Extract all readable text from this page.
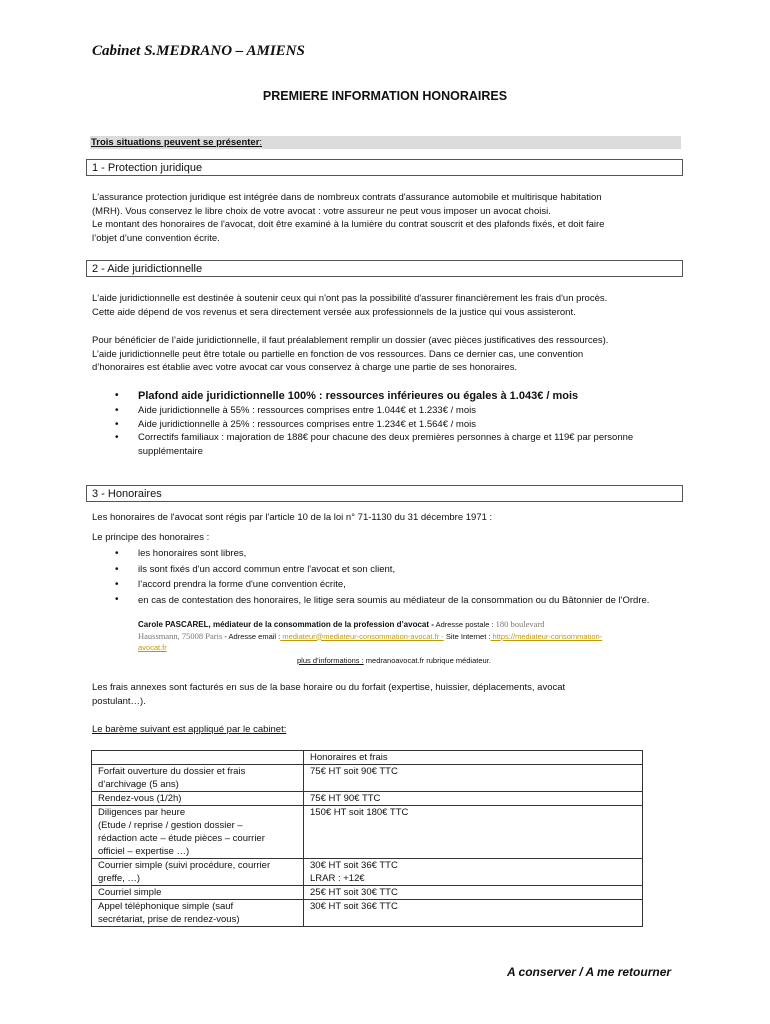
Cabinet S.MEDRANO – AMIENS
PREMIERE INFORMATION HONORAIRES
Trois situations peuvent se présenter:
1 - Protection juridique
L'assurance protection juridique est intégrée dans de nombreux contrats d'assurance automobile et multirisque habitation
(MRH). Vous conservez le libre choix de votre avocat : votre assureur ne peut vous imposer un avocat choisi.
Le montant des honoraires de l'avocat, doit être examiné à la lumière du contrat souscrit et des plafonds fixés, et doit faire
l’objet d’une convention écrite.
2 - Aide juridictionnelle
L'aide juridictionnelle est destinée à soutenir ceux qui n'ont pas la possibilité d'assurer financièrement les frais d'un procès.
Cette aide dépend de vos revenus et sera directement versée aux professionnels de la justice qui vous assisteront.
Pour bénéficier de l’aide juridictionnelle, il faut préalablement remplir un dossier (avec pièces justificatives des ressources).
L’aide juridictionnelle peut être totale ou partielle en fonction de vos ressources. Dans ce dernier cas, une convention
d’honoraires est établie avec votre avocat car vous conservez à charge une partie de ses honoraires.
• Plafond aide juridictionnelle 100% : ressources inférieures ou égales à 1.043€ / mois
• Aide juridictionnelle à 55% : ressources comprises entre 1.044€ et 1.233€ / mois
• Aide juridictionnelle à 25% : ressources comprises entre 1.234€ et 1.564€ / mois
• Correctifs familiaux : majoration de 188€ pour chacune des deux premières personnes à charge et 119€ par personne supplémentaire
3 - Honoraires
Les honoraires de l'avocat sont régis par l'article 10 de la loi n° 71-1130 du 31 décembre 1971 :
Le principe des honoraires :
• les honoraires sont libres,
• ils sont fixés d'un accord commun entre l'avocat et son client,
• l’accord prendra la forme d'une convention écrite,
• en cas de contestation des honoraires, le litige sera soumis au médiateur de la consommation ou du Bâtonnier de l'Ordre.
Carole PASCAREL, médiateur de la consommation de la profession d’avocat - Adresse postale : 180 boulevard
Haussmann, 75008 Paris - Adresse email : mediateur@mediateur-consommation-avocat.fr - Site Internet : https://mediateur-consommation-
avocat.fr
plus d’informations : medranoavocat.fr rubrique médiateur.
Les frais annexes sont facturés en sus de la base horaire ou du forfait (expertise, huissier, déplacements, avocat
postulant…).
Le barème suivant est appliqué par le cabinet:
	Honoraires et frais

Forfait ouverture du dossier et frais
d’archivage (5 ans)	75€ HT soit 90€ TTC

Rendez-vous (1/2h)	75€ HT 90€ TTC

Diligences par heure
(Etude / reprise / gestion dossier –
rédaction acte – étude pièces – courrier
officiel – expertise …)	150€ HT soit 180€ TTC

Courrier simple (suivi procédure, courrier
greffe, …)	30€ HT soit 36€ TTC
LRAR : +12€

Courriel simple	25€ HT soit 30€ TTC

Appel téléphonique simple (sauf
secrétariat, prise de rendez-vous)	30€ HT soit 36€ TTC
A conserver / A me retourner
